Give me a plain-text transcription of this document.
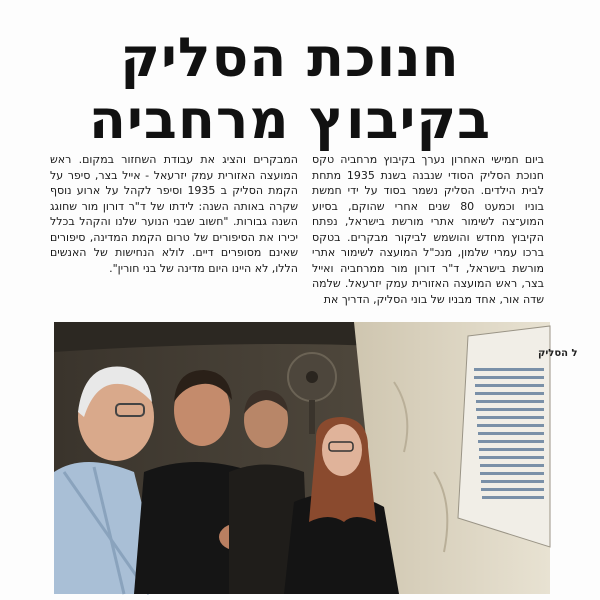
חנוכת הסליק
בקיבוץ מרחביה

ביום חמישי האחרון נערך בקיבוץ מרחביה טקס חנוכת הסליק הסודי שנבנה בשנת 1935 מתחת לבית הילדים. הסליק נשמר בסוד על ידי חמשת בוניו וכמעט 80 שנים אחרי שהוקם, בסיוע המוע־צה לשימור אתרי מורשת בישראל, נפתח הקיבוץ מחדש והושמש לביקור מבקרים. בטקס ברכו עמרי שלמון, מנכ"ל המועצה לשימור אתרי מורשת בישראל, ד"ר דורון מור ממרחביה ואייל בצר, ראש המועצה האזורית עמק יזרעאל. שלמה שדה אור, אחד מבניו של בוני הסליק, הדריך את

המבקרים והציג את עבודת השחזור במקום. ראש המועצה האזורית עמק יזרעאל - אייל בצר, סיפר על הקמת הסליק ב 1935 וסיפר לקהל על ארוע נוסף שקרה באותה השנה: לידתו של ד"ר דורון מור שחוגג השנה גבורות. "חשוב שבני הנוער שלנו והקהל בכלל יכירו את הסיפורים של טרום הקמת המדינה, סיפורים שאינם מסופרים דיים. לולא הנחישות של האנשים הללו, לא היינו היום מדינה של בני חורין".

ל הסליק
